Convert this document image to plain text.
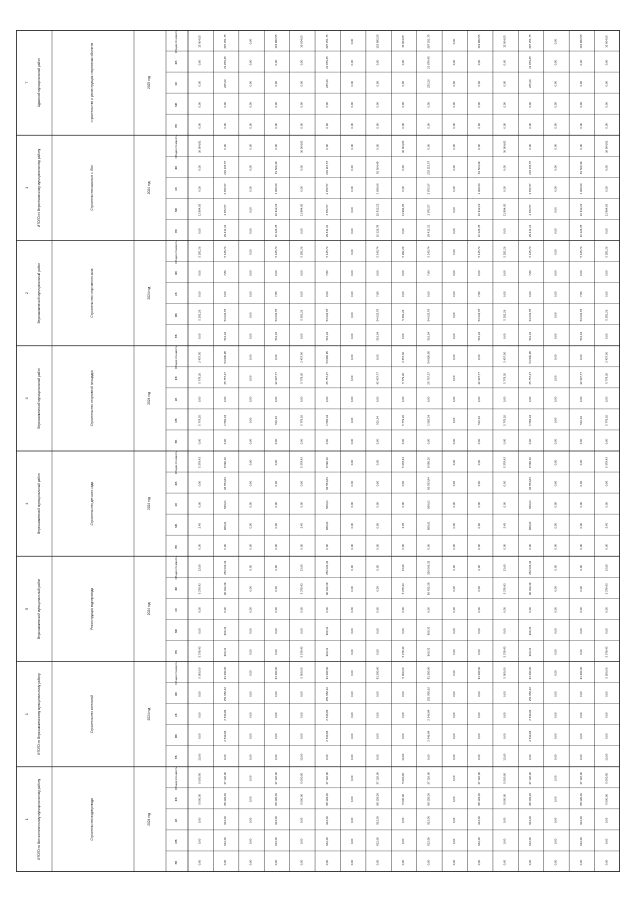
7	Адамский муниципальный район	строительство и реконструкция спортивных объектов	2025 год
Общая стоимость	15 004,05	287 251,75	0,00	103 983,55	15 004,05	287 251,75	0,00	103 983,55	15 004,05	287 251,75	0,00	103 983,55	15 004,05	287 251,75	0,00	103 983,55	15 004,05
ФБ	0,00	21 879,45	0,00	0,00	0,00	21 879,45	0,00	0,00	0,00	21 879,45	0,00	0,00	0,00	21 879,45	0,00	0,00	0,00
КБ	0,00	225,26	0,00	0,00	0,00	225,26	0,00	0,00	0,00	225,26	0,00	0,00	0,00	225,26	0,00	0,00	0,00
МБ	0,00	0,00	0,00	0,00	0,00	0,00	0,00	0,00	0,00	0,00	0,00	0,00	0,00	0,00	0,00	0,00	0,00
ВБ	0,00	0,00	0,00	0,00	0,00	0,00	0,00	0,00	0,00	0,00	0,00	0,00	0,00	0,00	0,00	0,00	0,00
1	ИТОГО по Верхнекамскому муниципальному району	Строительство школы в с. Лоп	2024 год
Общая стоимость	36 004,81	0,00	0,00	0,00	36 004,81	0,00	0,00	0,00	36 004,81	0,00	0,00	0,00	36 004,81	0,00	0,00	0,00	36 004,81
ФБ	0,00	233 115,57	0,00	91 564,49	0,00	233 115,57	0,00	91 564,49	0,00	233 115,57	0,00	91 564,49	0,00	233 115,57	0,00	91 564,49	0,00
КБ	0,00	2 872,57	0,00	1 069,60	0,00	2 872,57	0,00	1 069,60	0,00	2 872,57	0,00	1 069,60	0,00	2 872,57	0,00	1 069,60	0,00
МБ	11 994,05	2 872,57	0,00	10 912,22	11 994,05	2 872,57	0,00	10 912,22	11 994,05	2 872,57	0,00	10 912,22	11 994,05	2 872,57	0,00	10 912,22	11 994,05
ВБ	0,00	29 411,31	0,00	10 126,78	0,00	29 411,31	0,00	10 126,78	0,00	29 411,31	0,00	10 126,78	0,00	29 411,31	0,00	10 126,78	0,00
2	Верхошижемский муниципальный район	Строительство спортивного зала	2024 год
Общая стоимость	5 291,26	5 145,74	0,00	5 145,74	5 291,26	5 145,74	0,00	5 145,74	5 291,26	5 145,74	0,00	5 145,74	5 291,26	5 145,74	0,00	5 145,74	5 291,26
ФБ	0,00	7,80	0,00	0,00	0,00	7,80	0,00	0,00	0,00	7,80	0,00	0,00	0,00	7,80	0,00	0,00	0,00
КБ	0,00	0,00	0,00	7,80	0,00	0,00	0,00	7,80	0,00	0,00	0,00	7,80	0,00	0,00	0,00	7,80	0,00
МБ	5 291,26	54 633,78	0,00	54 633,78	5 291,26	54 633,78	0,00	54 633,78	5 291,26	54 633,78	0,00	54 633,78	5 291,26	54 633,78	0,00	54 633,78	5 291,26
ВБ	0,00	516,34	0,00	516,34	0,00	516,34	0,00	516,34	0,00	516,34	0,00	516,34	0,00	516,34	0,00	516,34	0,00
3	Верхошижемский муниципальный район	Строительство спортивной площадки	2024 год
Общая стоимость	2 457,00	54 900,95	0,00	0,00	2 457,00	54 900,95	0,00	0,00	2 457,00	54 900,95	0,00	0,00	2 457,00	54 900,95	0,00	0,00	2 457,00
ФБ	5 779,26	25 757,27	0,00	42 437,77	5 779,26	25 757,27	0,00	42 437,77	5 779,26	25 757,27	0,00	42 437,77	5 779,26	25 757,27	0,00	42 437,77	5 779,26
КБ	0,00	0,00	0,00	0,00	0,00	0,00	0,00	0,00	0,00	0,00	0,00	0,00	0,00	0,00	0,00	0,00	0,00
МБ	5 779,26	1 583,34	0,00	516,34	5 779,26	1 583,34	0,00	516,34	5 779,26	1 583,34	0,00	516,34	5 779,26	1 583,34	0,00	516,34	5 779,26
ВБ	0,00	0,00	0,00	0,00	0,00	0,00	0,00	0,00	0,00	0,00	0,00	0,00	0,00	0,00	0,00	0,00	0,00
4	Верхошижемский муниципальный район	Строительство детского сада	2024 год
Общая стоимость	5 378,43	8 596,10	0,00	0,00	5 378,43	8 596,10	0,00	0,00	5 378,43	8 596,10	0,00	0,00	5 378,43	8 596,10	0,00	0,00	5 378,43
ФБ	0,00	96 553,84	0,00	0,00	0,00	96 553,84	0,00	0,00	0,00	96 553,84	0,00	0,00	0,00	96 553,84	0,00	0,00	0,00
КБ	0,00	569,61	0,00	0,00	0,00	569,61	0,00	0,00	0,00	569,61	0,00	0,00	0,00	569,61	0,00	0,00	0,00
МБ	2,45	869,61	0,00	0,00	2,45	869,61	0,00	0,00	2,45	869,61	0,00	0,00	2,45	869,61	0,00	0,00	2,45
ВБ	0,00	0,00	0,00	0,00	0,00	0,00	0,00	0,00	0,00	0,00	0,00	0,00	0,00	0,00	0,00	0,00	0,00
5	Верхошижемский муниципальный район	Реконструкция водопровода	2024 год
Общая стоимость	13,60	256 066,33	0,00	0,00	13,60	256 066,33	0,00	0,00	13,60	256 066,33	0,00	0,00	13,60	256 066,33	0,00	0,00	13,60
ФБ	5 378,43	96 432,39	0,00	0,00	5 378,43	96 432,39	0,00	0,00	5 378,43	96 432,39	0,00	0,00	5 378,43	96 432,39	0,00	0,00	5 378,43
КБ	0,00	0,00	0,00	0,00	0,00	0,00	0,00	0,00	0,00	0,00	0,00	0,00	0,00	0,00	0,00	0,00	0,00
МБ	0,00	960,31	0,00	0,00	0,00	960,31	0,00	0,00	0,00	960,31	0,00	0,00	0,00	960,31	0,00	0,00	0,00
ВБ	5 378,43	960,31	0,00	0,00	5 378,43	960,31	0,00	0,00	5 378,43	960,31	0,00	0,00	5 378,43	960,31	0,00	0,00	5 378,43
1	ИТОГО по Верхошижемскому муниципальному району	Строительство котельной	2024 год
Общая стоимость	5 000,00	91 290,00	0,00	91 290,00	5 000,00	91 290,00	0,00	91 290,00	5 000,00	91 290,00	0,00	91 290,00	5 000,00	91 290,00	0,00	91 290,00	5 000,00
ФБ	0,00	251 950,62	0,00	0,00	0,00	251 950,62	0,00	0,00	0,00	251 950,62	0,00	0,00	0,00	251 950,62	0,00	0,00	0,00
КБ	0,00	2 546,84	0,00	0,00	0,00	2 546,84	0,00	0,00	0,00	2 546,84	0,00	0,00	0,00	2 546,84	0,00	0,00	0,00
МБ	0,00	2 546,84	0,00	0,00	0,00	2 546,84	0,00	0,00	0,00	2 546,84	0,00	0,00	0,00	2 546,84	0,00	0,00	0,00
ВБ	13,60	0,00	0,00	0,00	13,60	0,00	0,00	0,00	13,60	0,00	0,00	0,00	13,60	0,00	0,00	0,00	13,60
1	ИТОГО по Вятскополянскому муниципальному району	Строительство водопровода	2024 год
Общая стоимость	5 000,00	37 126,00	0,00	37 126,00	5 000,00	37 126,00	0,00	37 126,00	5 000,00	37 126,00	0,00	37 126,00	5 000,00	37 126,00	0,00	37 126,00	5 000,00
ФБ	5 000,00	88 129,00	0,00	88 129,00	5 000,00	88 129,00	0,00	88 129,00	5 000,00	88 129,00	0,00	88 129,00	5 000,00	88 129,00	0,00	88 129,00	5 000,00
КБ	0,00	912,00	0,00	912,00	0,00	912,00	0,00	912,00	0,00	912,00	0,00	912,00	0,00	912,00	0,00	912,00	0,00
МБ	0,00	912,00	0,00	912,00	0,00	912,00	0,00	912,00	0,00	912,00	0,00	912,00	0,00	912,00	0,00	912,00	0,00
ВБ	0,00	0,00	0,00	0,00	0,00	0,00	0,00	0,00	0,00	0,00	0,00	0,00	0,00	0,00	0,00	0,00	0,00
